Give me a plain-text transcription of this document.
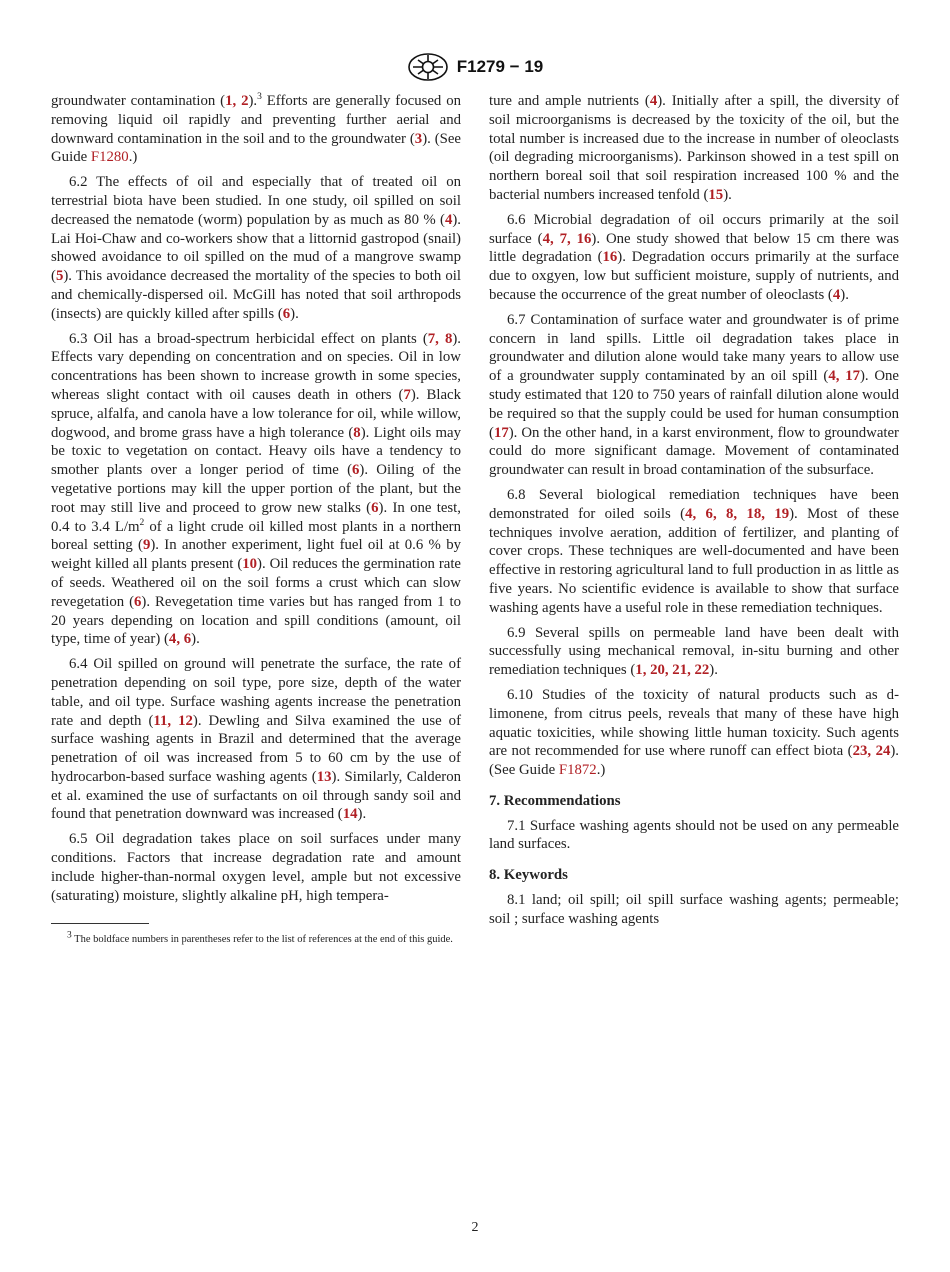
F1279 − 19

groundwater contamination (1, 2).$^3$ Efforts are generally focused on removing liquid oil rapidly and preventing further aerial and downward contamination in the soil and to the groundwater (3). (See Guide F1280.)

6.2 The effects of oil and especially that of treated oil on terrestrial biota have been studied. In one study, oil spilled on soil decreased the nematode (worm) population by as much as 80 % (4). Lai Hoi-Chaw and co-workers show that a littornid gastropod (snail) showed avoidance to oil spilled on the mud of a mangrove swamp (5). This avoidance decreased the mortality of the species to both oil and chemically-dispersed oil. McGill has noted that soil arthropods (insects) are quickly killed after spills (6).

6.3 Oil has a broad-spectrum herbicidal effect on plants (7, 8). Effects vary depending on concentration and on species. Oil in low concentrations has been shown to increase growth in some species, whereas slight contact with oil causes death in others (7). Black spruce, alfalfa, and canola have a low tolerance for oil, while willow, dogwood, and brome grass have a high tolerance (8). Light oils may be toxic to vegetation on contact. Heavy oils have a tendency to smother plants over a longer period of time (6). Oiling of the vegetative portions may kill the upper portion of the plant, but the root may still live and proceed to grow new stalks (6). In one test, 0.4 to 3.4 $L/m^2$ of a light crude oil killed most plants in a northern boreal setting (9). In another experiment, light fuel oil at 0.6 % by weight killed all plants present (10). Oil reduces the germination rate of seeds. Weathered oil on the soil forms a crust which can slow revegetation (6). Revegetation time varies but has ranged from 1 to 20 years depending on location and spill conditions (amount, oil type, time of year) (4, 6).

6.4 Oil spilled on ground will penetrate the surface, the rate of penetration depending on soil type, pore size, depth of the water table, and oil type. Surface washing agents increase the penetration rate and depth (11, 12). Dewling and Silva examined the use of surface washing agents in Brazil and determined that the average penetration of oil was increased from 5 to 60 cm by the use of hydrocarbon-based surface washing agents (13). Similarly, Calderon et al. examined the use of surfactants on oil through sandy soil and found that penetration downward was increased (14).

6.5 Oil degradation takes place on soil surfaces under many conditions. Factors that increase degradation rate and amount include higher-than-normal oxygen level, ample but not excessive (saturating) moisture, slightly alkaline pH, high tempera-

$^3$ The boldface numbers in parentheses refer to the list of references at the end of this guide.

ture and ample nutrients (4). Initially after a spill, the diversity of soil microorganisms is decreased by the toxicity of the oil, but the total number is increased due to the increase in number of oleoclasts (oil degrading microorganisms). Parkinson showed in a test spill on northern boreal soil that soil respiration increased 100 % and the bacterial numbers increased tenfold (15).

6.6 Microbial degradation of oil occurs primarily at the soil surface (4, 7, 16). One study showed that below 15 cm there was little degradation (16). Degradation occurs primarily at the surface due to oxgyen, low but sufficient moisture, supply of nutrients, and because the occurrence of the great number of oleoclasts (4).

6.7 Contamination of surface water and groundwater is of prime concern in land spills. Little oil degradation takes place in groundwater and dilution alone would take many years to allow use of a groundwater supply contaminated by an oil spill (4, 17). One study estimated that 120 to 750 years of rainfall dilution alone would be required so that the supply could be used for human consumption (17). On the other hand, in a karst environment, flow to groundwater could do more significant damage. Movement of contaminated groundwater can result in broad contamination of the subsurface.

6.8 Several biological remediation techniques have been demonstrated for oiled soils (4, 6, 8, 18, 19). Most of these techniques involve aeration, addition of fertilizer, and planting of cover crops. These techniques are well-documented and have been effective in restoring agricultural land to full production in as little as five years. No scientific evidence is available to show that surface washing agents have a useful role in these remediation techniques.

6.9 Several spills on permeable land have been dealt with successfully using mechanical removal, in-situ burning and other remediation techniques (1, 20, 21, 22).

6.10 Studies of the toxicity of natural products such as d-limonene, from citrus peels, reveals that many of these have high aquatic toxicities, while showing little human toxicity. Such agents are not recommended for use where runoff can effect biota (23, 24). (See Guide F1872.)

7. Recommendations

7.1 Surface washing agents should not be used on any permeable land surfaces.

8. Keywords

8.1 land; oil spill; oil spill surface washing agents; permeable; soil ; surface washing agents

2
